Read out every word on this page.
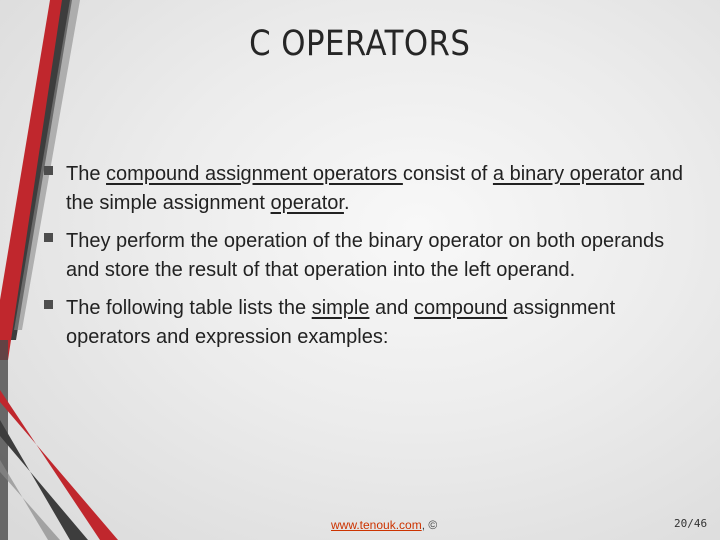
C OPERATORS
The compound assignment operators consist of a binary operator and the simple assignment operator.
They perform the operation of the binary operator on both operands and store the result of that operation into the left operand.
The following table lists the simple and compound assignment operators and expression examples:
www.tenouk.com, ©	20/46
